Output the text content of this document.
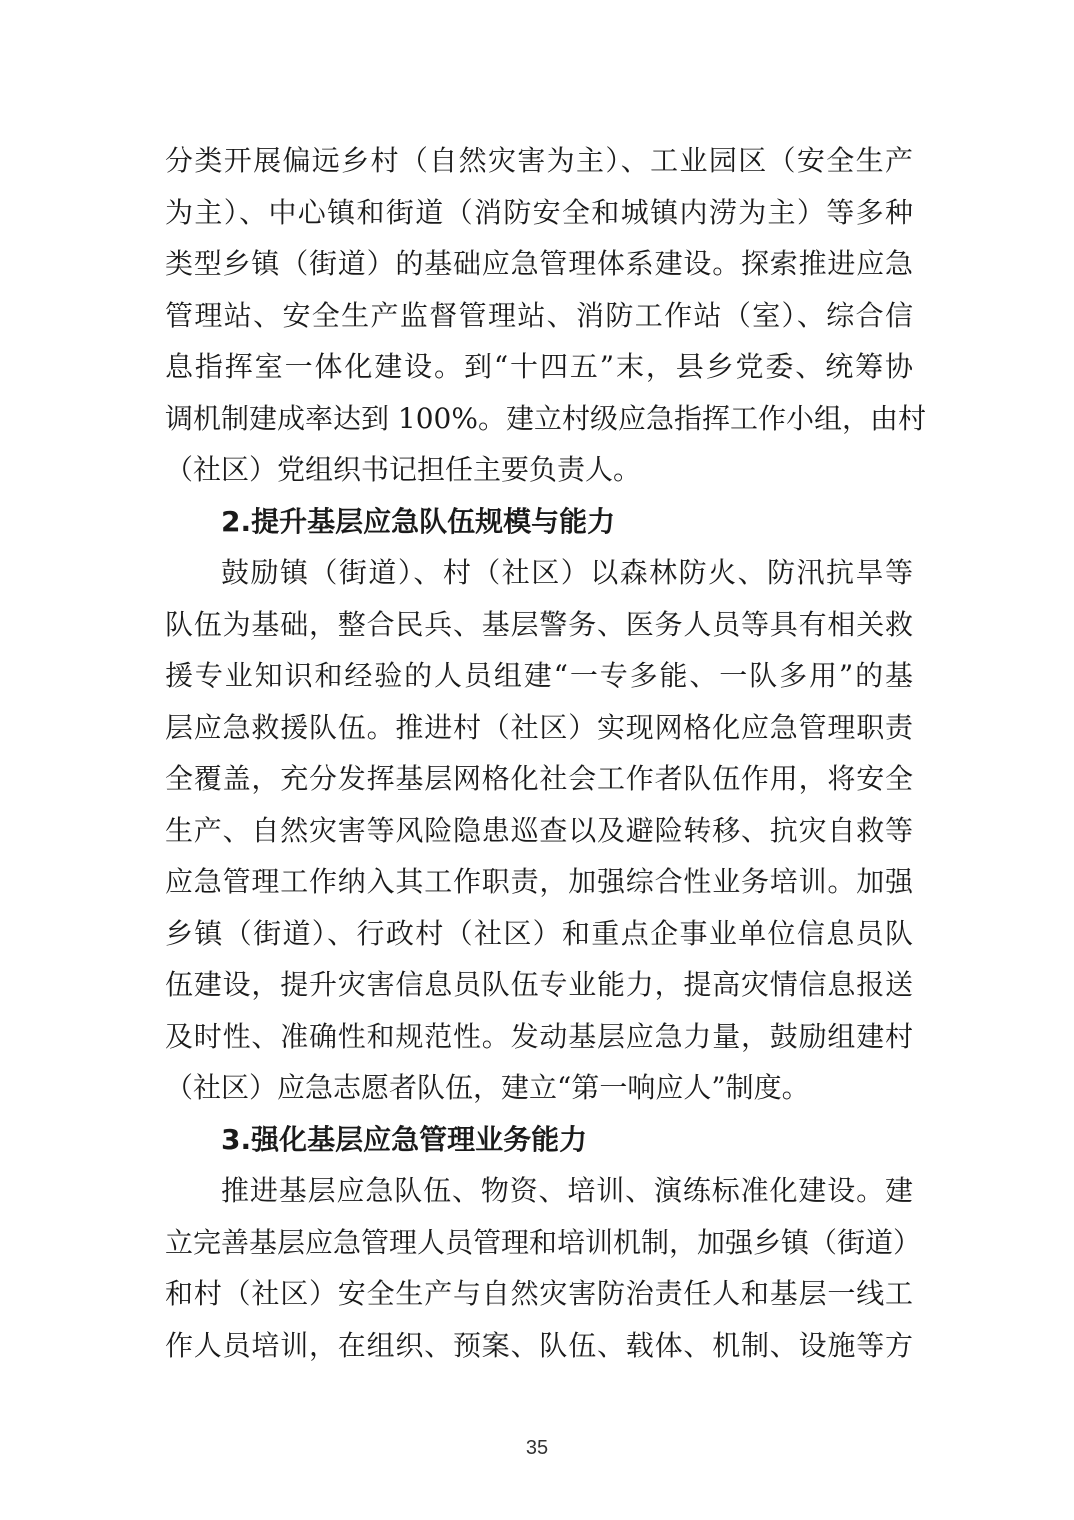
分类开展偏远乡村（自然灾害为主）、工业园区（安全生产
为主）、中心镇和街道（消防安全和城镇内涝为主）等多种
类型乡镇（街道）的基础应急管理体系建设。探索推进应急
管理站、安全生产监督管理站、消防工作站（室）、综合信
息指挥室一体化建设。到“十四五”末，县乡党委、统筹协
调机制建成率达到 100%。建立村级应急指挥工作小组，由村
（社区）党组织书记担任主要负责人。
2.提升基层应急队伍规模与能力
鼓励镇（街道）、村（社区）以森林防火、防汛抗旱等
队伍为基础，整合民兵、基层警务、医务人员等具有相关救
援专业知识和经验的人员组建“一专多能、一队多用”的基
层应急救援队伍。推进村（社区）实现网格化应急管理职责
全覆盖，充分发挥基层网格化社会工作者队伍作用，将安全
生产、自然灾害等风险隐患巡查以及避险转移、抗灾自救等
应急管理工作纳入其工作职责，加强综合性业务培训。加强
乡镇（街道）、行政村（社区）和重点企事业单位信息员队
伍建设，提升灾害信息员队伍专业能力，提高灾情信息报送
及时性、准确性和规范性。发动基层应急力量，鼓励组建村
（社区）应急志愿者队伍，建立“第一响应人”制度。
3.强化基层应急管理业务能力
推进基层应急队伍、物资、培训、演练标准化建设。建
立完善基层应急管理人员管理和培训机制，加强乡镇（街道）
和村（社区）安全生产与自然灾害防治责任人和基层一线工
作人员培训，在组织、预案、队伍、载体、机制、设施等方
35
